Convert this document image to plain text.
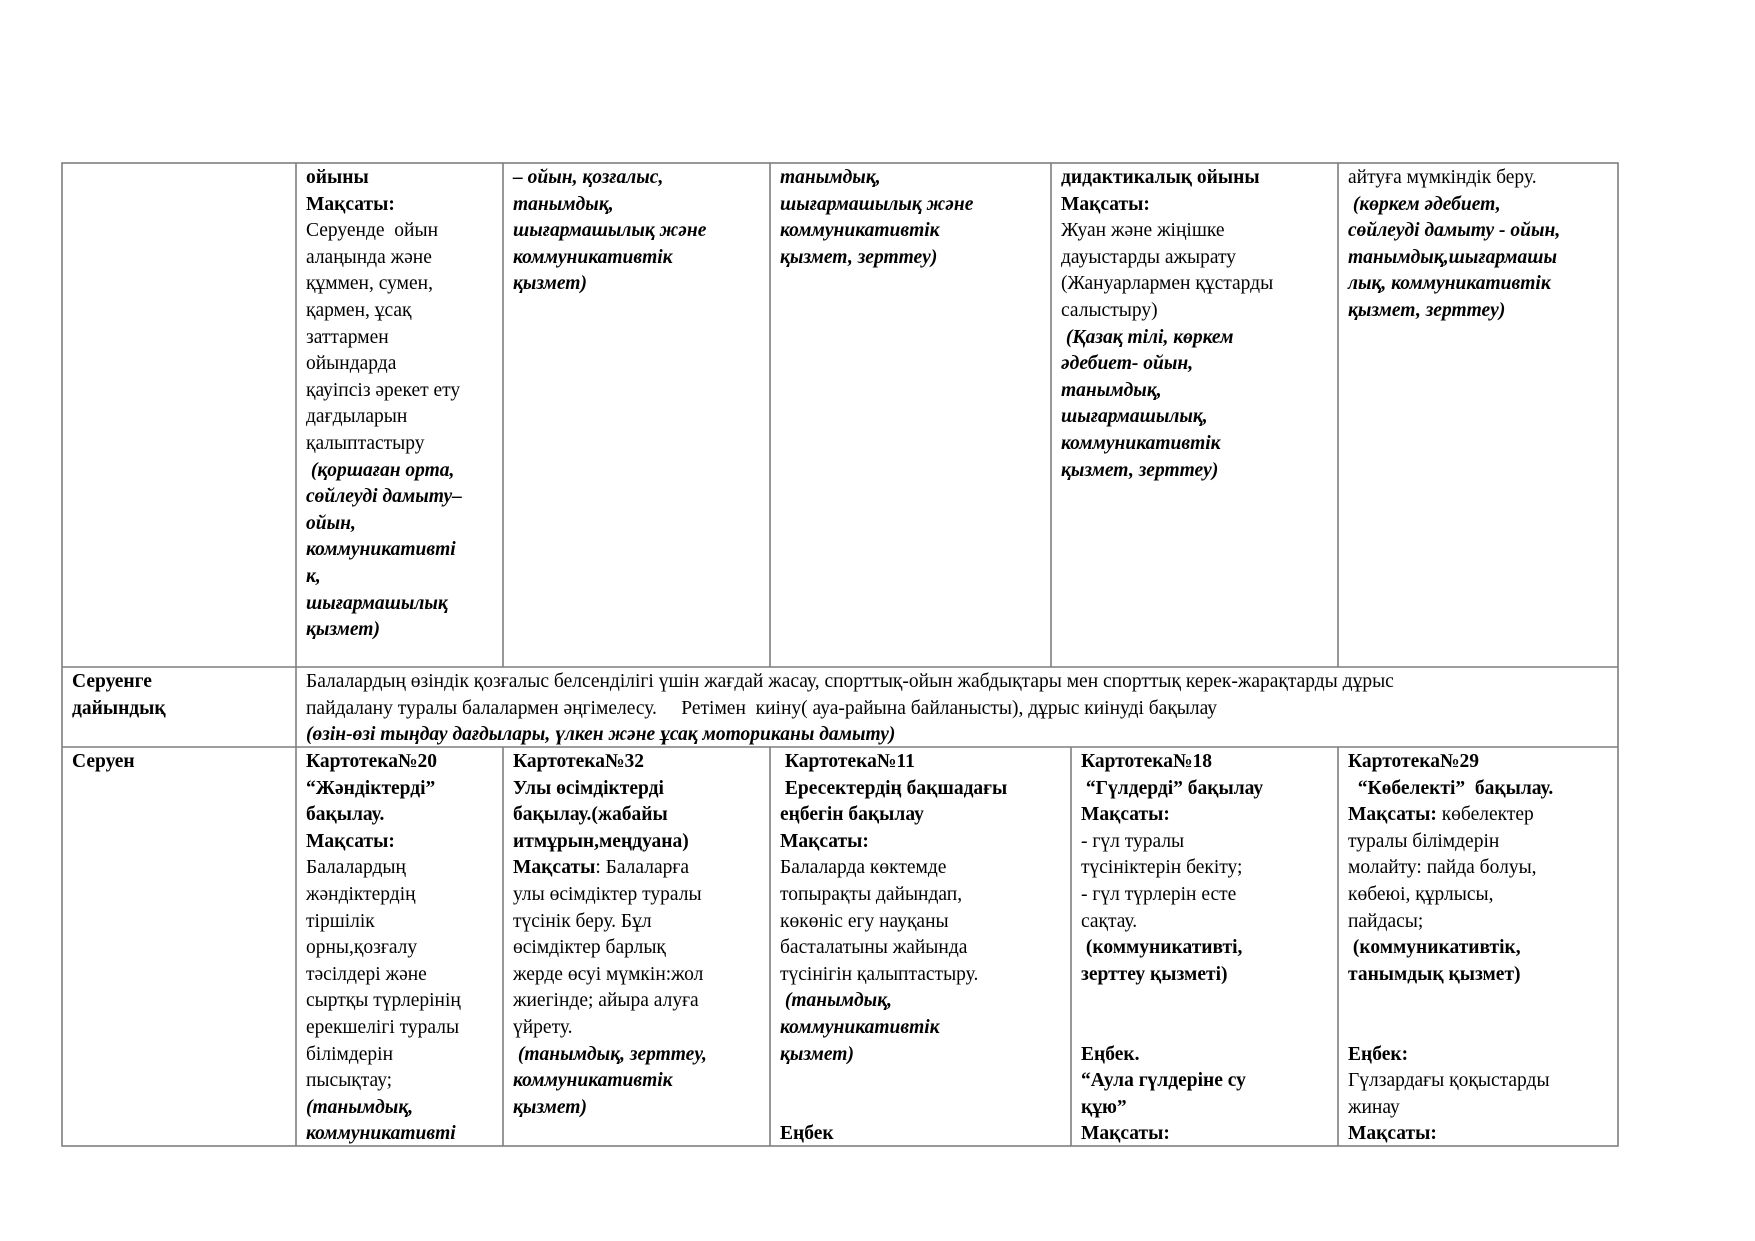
ойыны
Мақсаты:
Серуенде  ойын
алаңында және
құммен, сумен,
қармен, ұсақ
заттармен
ойындарда
қауіпсіз әрекет ету
дағдыларын
қалыптастыру
(қоршаған орта,
сөйлеуді дамыту–
ойын,
коммуникативті
к,
шығармашылық
қызмет)
– ойын, қозғалыс,
танымдық,
шығармашылық және
коммуникативтік
қызмет)
танымдық,
шығармашылық және
коммуникативтік
қызмет, зерттеу)
дидактикалық ойыны
Мақсаты:
Жуан және жіңішке
дауыстарды ажырату
(Жануарлармен құстарды
салыстыру)
(Қазақ тілі, көркем
әдебиет- ойын,
танымдық,
шығармашылық,
коммуникативтік
қызмет, зерттеу)
айтуға мүмкіндік беру.
(көркем әдебиет,
сөйлеуді дамыту - ойын,
танымдық,шығармашы
лық, коммуникативтік
қызмет, зерттеу)
Серуенге
дайындық
Балалардың өзіндік қозғалыс белсенділігі үшін жағдай жасау, спорттық-ойын жабдықтары мен спорттық керек-жарақтарды дұрыс
пайдалану туралы балалармен әңгімелесу.     Ретімен  киіну( ауа-райына байланысты), дұрыс киінуді бақылау
(өзін-өзі тыңдау дағдылары, үлкен және ұсақ моториканы дамыту)
Серуен	Картотека№20
“Жәндіктерді”
бақылау.
Мақсаты:
Балалардың
жәндіктердің
тіршілік
орны,қозғалу
тәсілдері және
сыртқы түрлерінің
ерекшелігі туралы
білімдерін
пысықтау;
(танымдық,
коммуникативті
Картотека№32
Улы өсімдіктерді
бақылау.(жабайы
итмұрын,меңдуана)
Мақсаты: Балаларға
улы өсімдіктер туралы
түсінік беру. Бұл
өсімдіктер барлық
жерде өсуі мүмкін:жол
жиегінде; айыра алуға
үйрету.
(танымдық, зерттеу,
коммуникативтік
қызмет)
Картотека№11
Ересектердің бақшадағы
еңбегін бақылау
Мақсаты:
Балаларда көктемде
топырақты дайындап,
көкөніс егу науқаны
басталатыны жайында
түсінігін қалыптастыру.
(танымдық,
коммуникативтік
қызмет)
Еңбек
Картотека№18
“Гүлдерді” бақылау
Мақсаты:
- гүл туралы
түсініктерін бекіту;
- гүл түрлерін есте
сақтау.
(коммуникативті,
зерттеу қызметі)
Еңбек.
“Аула гүлдеріне су
құю”
Мақсаты:
Картотека№29
“Көбелекті”  бақылау.
Мақсаты: көбелектер
туралы білімдерін
молайту: пайда болуы,
көбеюі, құрлысы,
пайдасы;
(коммуникативтік,
танымдық қызмет)
Еңбек:
Гүлзардағы қоқыстарды
жинау
Мақсаты:
